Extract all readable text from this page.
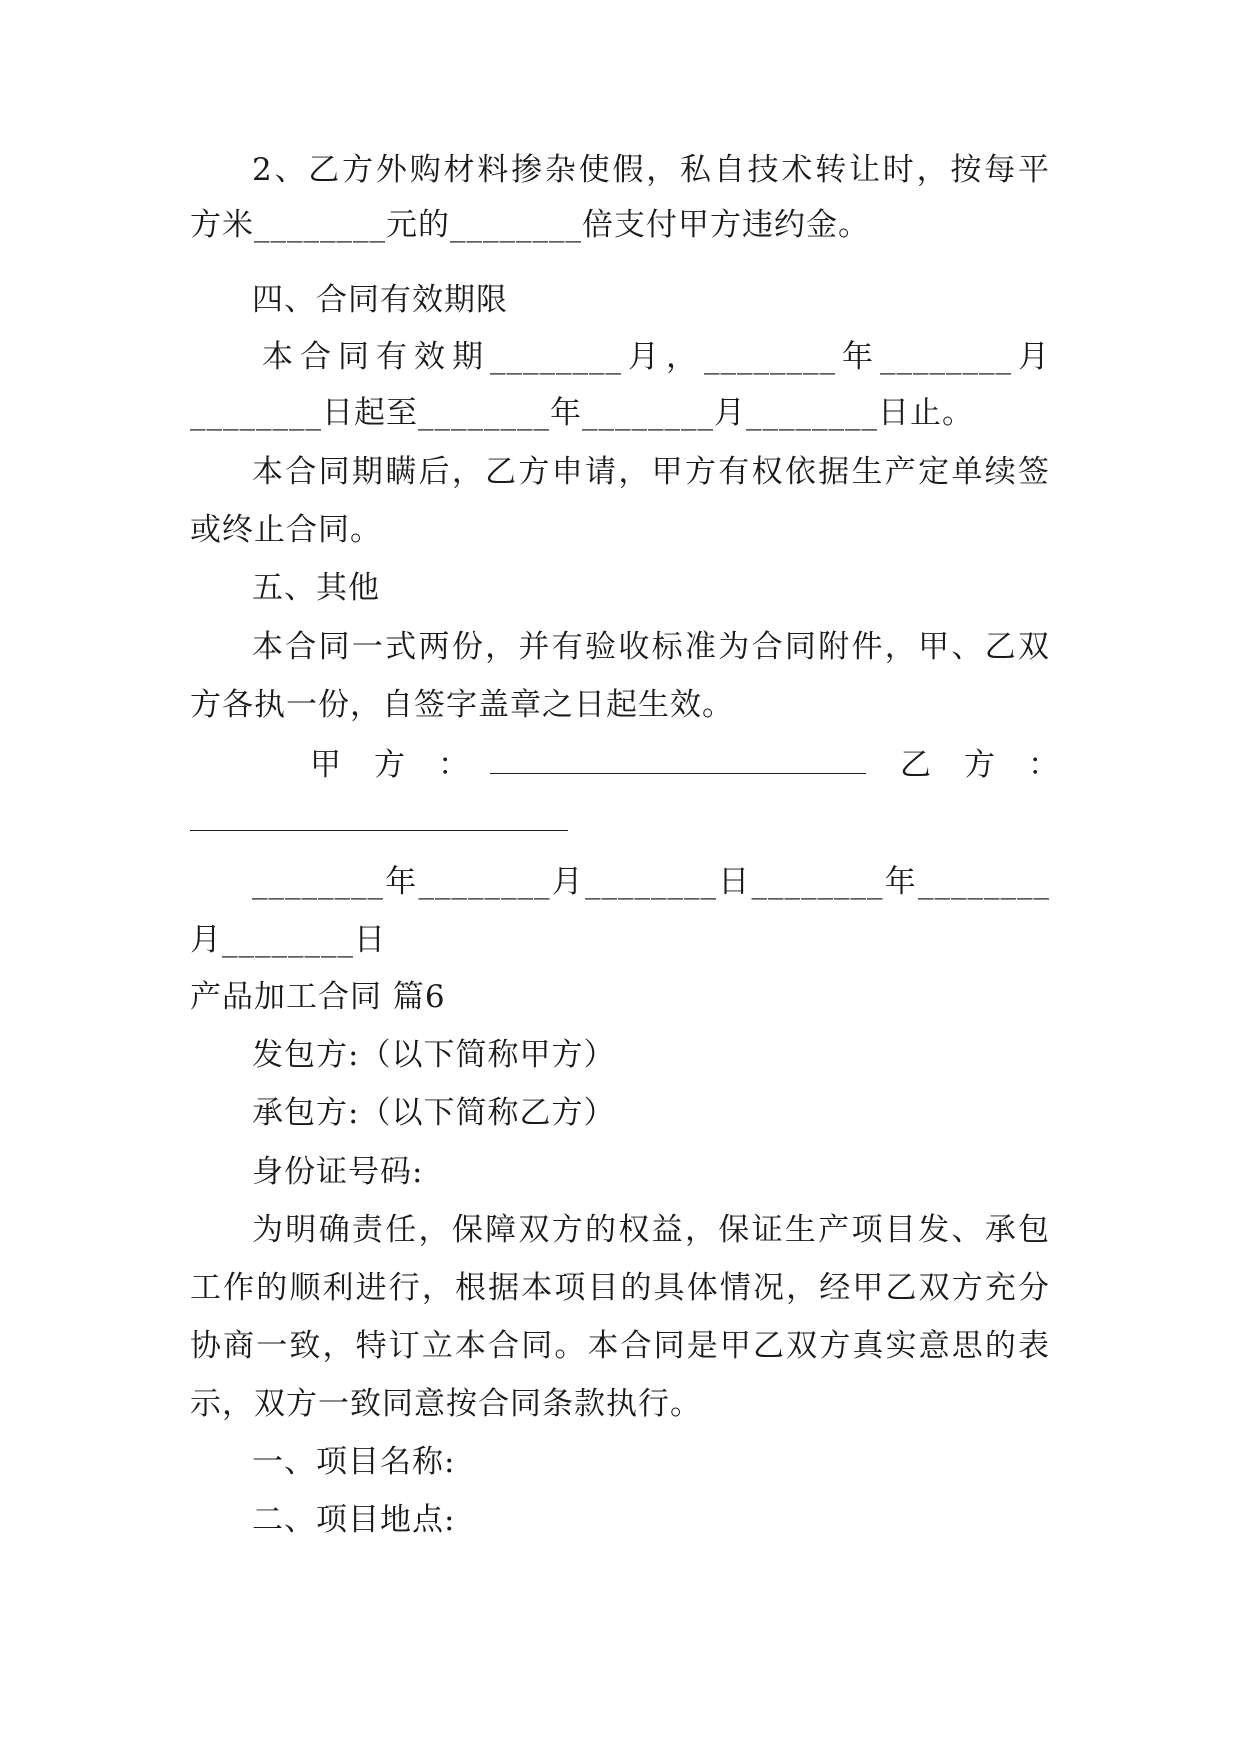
2、乙方外购材料掺杂使假，私自技术转让时，按每平
方米________元的________倍支付甲方违约金。
四、合同有效期限
本合同有效期________月，________年________月
________日起至________年________月________日止。
本合同期瞒后，乙方申请，甲方有权依据生产定单续签
或终止合同。
五、其他
本合同一式两份，并有验收标准为合同附件，甲、乙双
方各执一份，自签字盖章之日起生效。
甲　方　：	乙　方　：
________年________月________日________年________
月________日
产品加工合同 篇6
发包方:（以下简称甲方）
承包方:（以下简称乙方）
身份证号码:
为明确责任，保障双方的权益，保证生产项目发、承包
工作的顺利进行，根据本项目的具体情况，经甲乙双方充分
协商一致，特订立本合同。本合同是甲乙双方真实意思的表
示，双方一致同意按合同条款执行。
一、项目名称:
二、项目地点:
